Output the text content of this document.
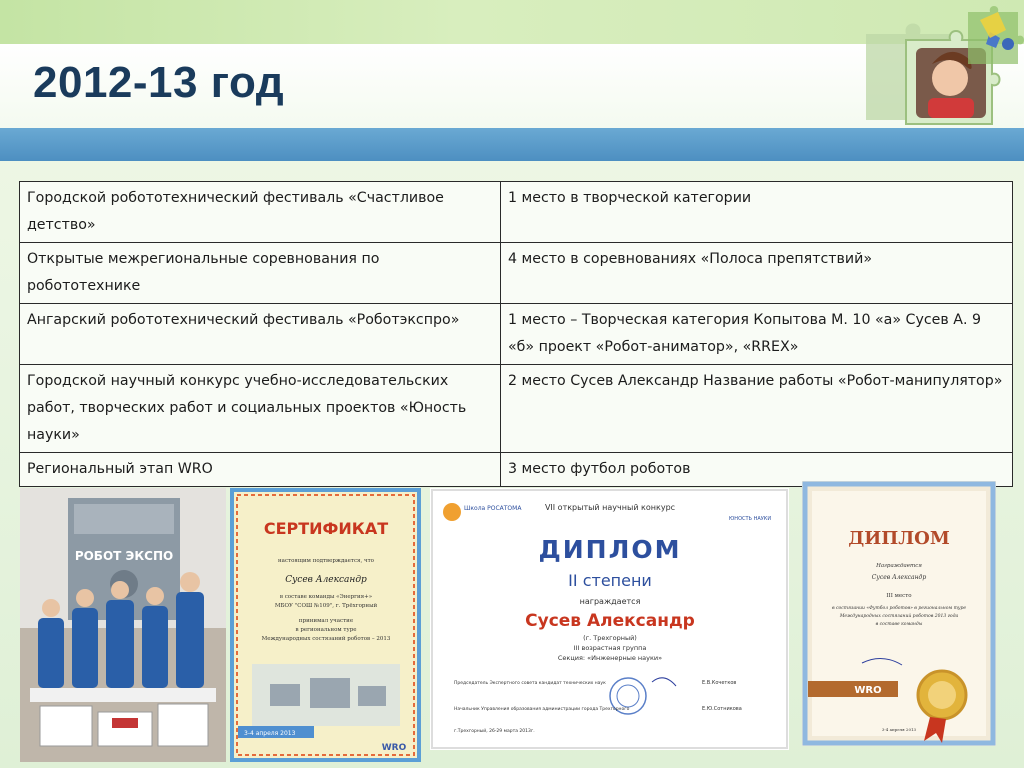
2012-13 год
Городской робототехнический фестиваль «Счастливое детство»	1 место в творческой категории
Открытые межрегиональные соревнования по робототехнике	4 место в соревнованиях «Полоса препятствий»
Ангарский робототехнический фестиваль «Роботэкспро»	1 место – Творческая категория Копытова М. 10 «а» Сусев А. 9 «б» проект «Робот-аниматор», «RREX»
Городской научный конкурс учебно-исследовательских работ, творческих работ и социальных проектов «Юность науки»	2 место Сусев Александр Название работы «Робот-манипулятор»
Региональный этап WRO	3 место футбол роботов
РОБОТ ЭКСПО
СЕРТИФИКАТ
настоящим подтверждается, что
Сусев Александр
в составе команды «Энергия+»
МБОУ "СОШ №109", г. Трёхгорный
принимал участие
в региональном туре
Международных состязаний роботов – 2013
3-4 апреля 2013
WRO
Школа РОСАТОМА
ЮНОСТЬ НАУКИ
VII открытый научный конкурс
ДИПЛОМ
II степени
награждается
Сусев Александр
(г. Трехгорный)
III возрастная группа
Секция: «Инженерные науки»
Председатель Экспертного совета кандидат технических наук	Е.В.Кочетков
Начальник Управления образования администрации города Трехгорного	Е.Ю.Сотникова
г.Трехгорный, 26-29 марта 2013г.
ДИПЛОМ
Награждается
Сусев Александр
III место
в состязании «Футбол роботов» в региональном туре
Международных состязаний роботов 2013 года
в составе команды
WRO
3-4 апреля 2013
